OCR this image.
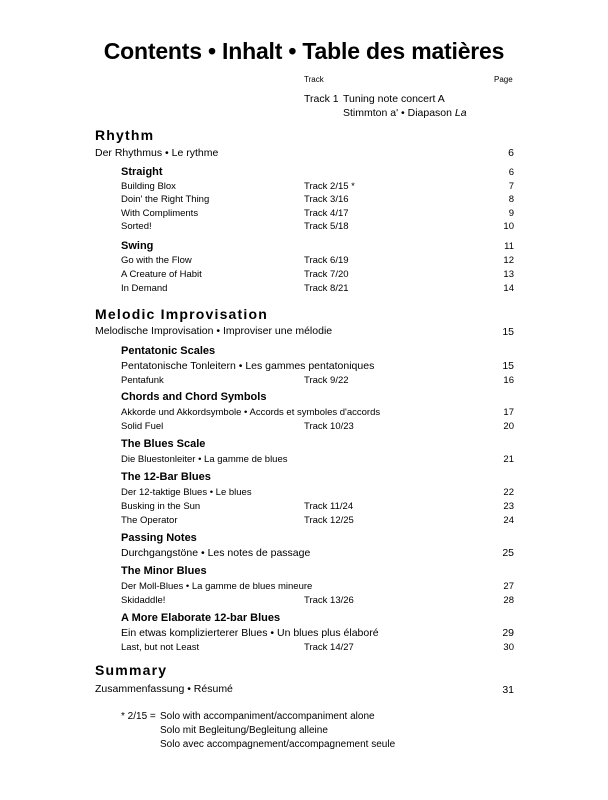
Contents • Inhalt • Table des matières
Track	Page
Track 1 Tuning note concert A
Stimmton a' • Diapason La
Rhythm
Der Rhythmus • Le rythme	6
Straight	6
Building Blox	Track 2/15 *	7
Doin' the Right Thing	Track 3/16	8
With Compliments	Track 4/17	9
Sorted!	Track 5/18	10
Swing	11
Go with the Flow	Track 6/19	12
A Creature of Habit	Track 7/20	13
In Demand	Track 8/21	14
Melodic Improvisation
Melodische Improvisation • Improviser une mélodie	15
Pentatonic Scales
Pentatonische Tonleitern • Les gammes pentatoniques	15
Pentafunk	Track 9/22	16
Chords and Chord Symbols
Akkorde und Akkordsymbole • Accords et symboles d'accords	17
Solid Fuel	Track 10/23	20
The Blues Scale
Die Bluestonleiter • La gamme de blues	21
The 12-Bar Blues
Der 12-taktige Blues • Le blues	22
Busking in the Sun	Track 11/24	23
The Operator	Track 12/25	24
Passing Notes
Durchgangstöne • Les notes de passage	25
The Minor Blues
Der Moll-Blues • La gamme de blues mineure	27
Skidaddle!	Track 13/26	28
A More Elaborate 12-bar Blues
Ein etwas komplizierterer Blues • Un blues plus élaboré	29
Last, but not Least	Track 14/27	30
Summary
Zusammenfassung • Résumé	31
* 2/15 = Solo with accompaniment/accompaniment alone
Solo mit Begleitung/Begleitung alleine
Solo avec accompagnement/accompagnement seule
